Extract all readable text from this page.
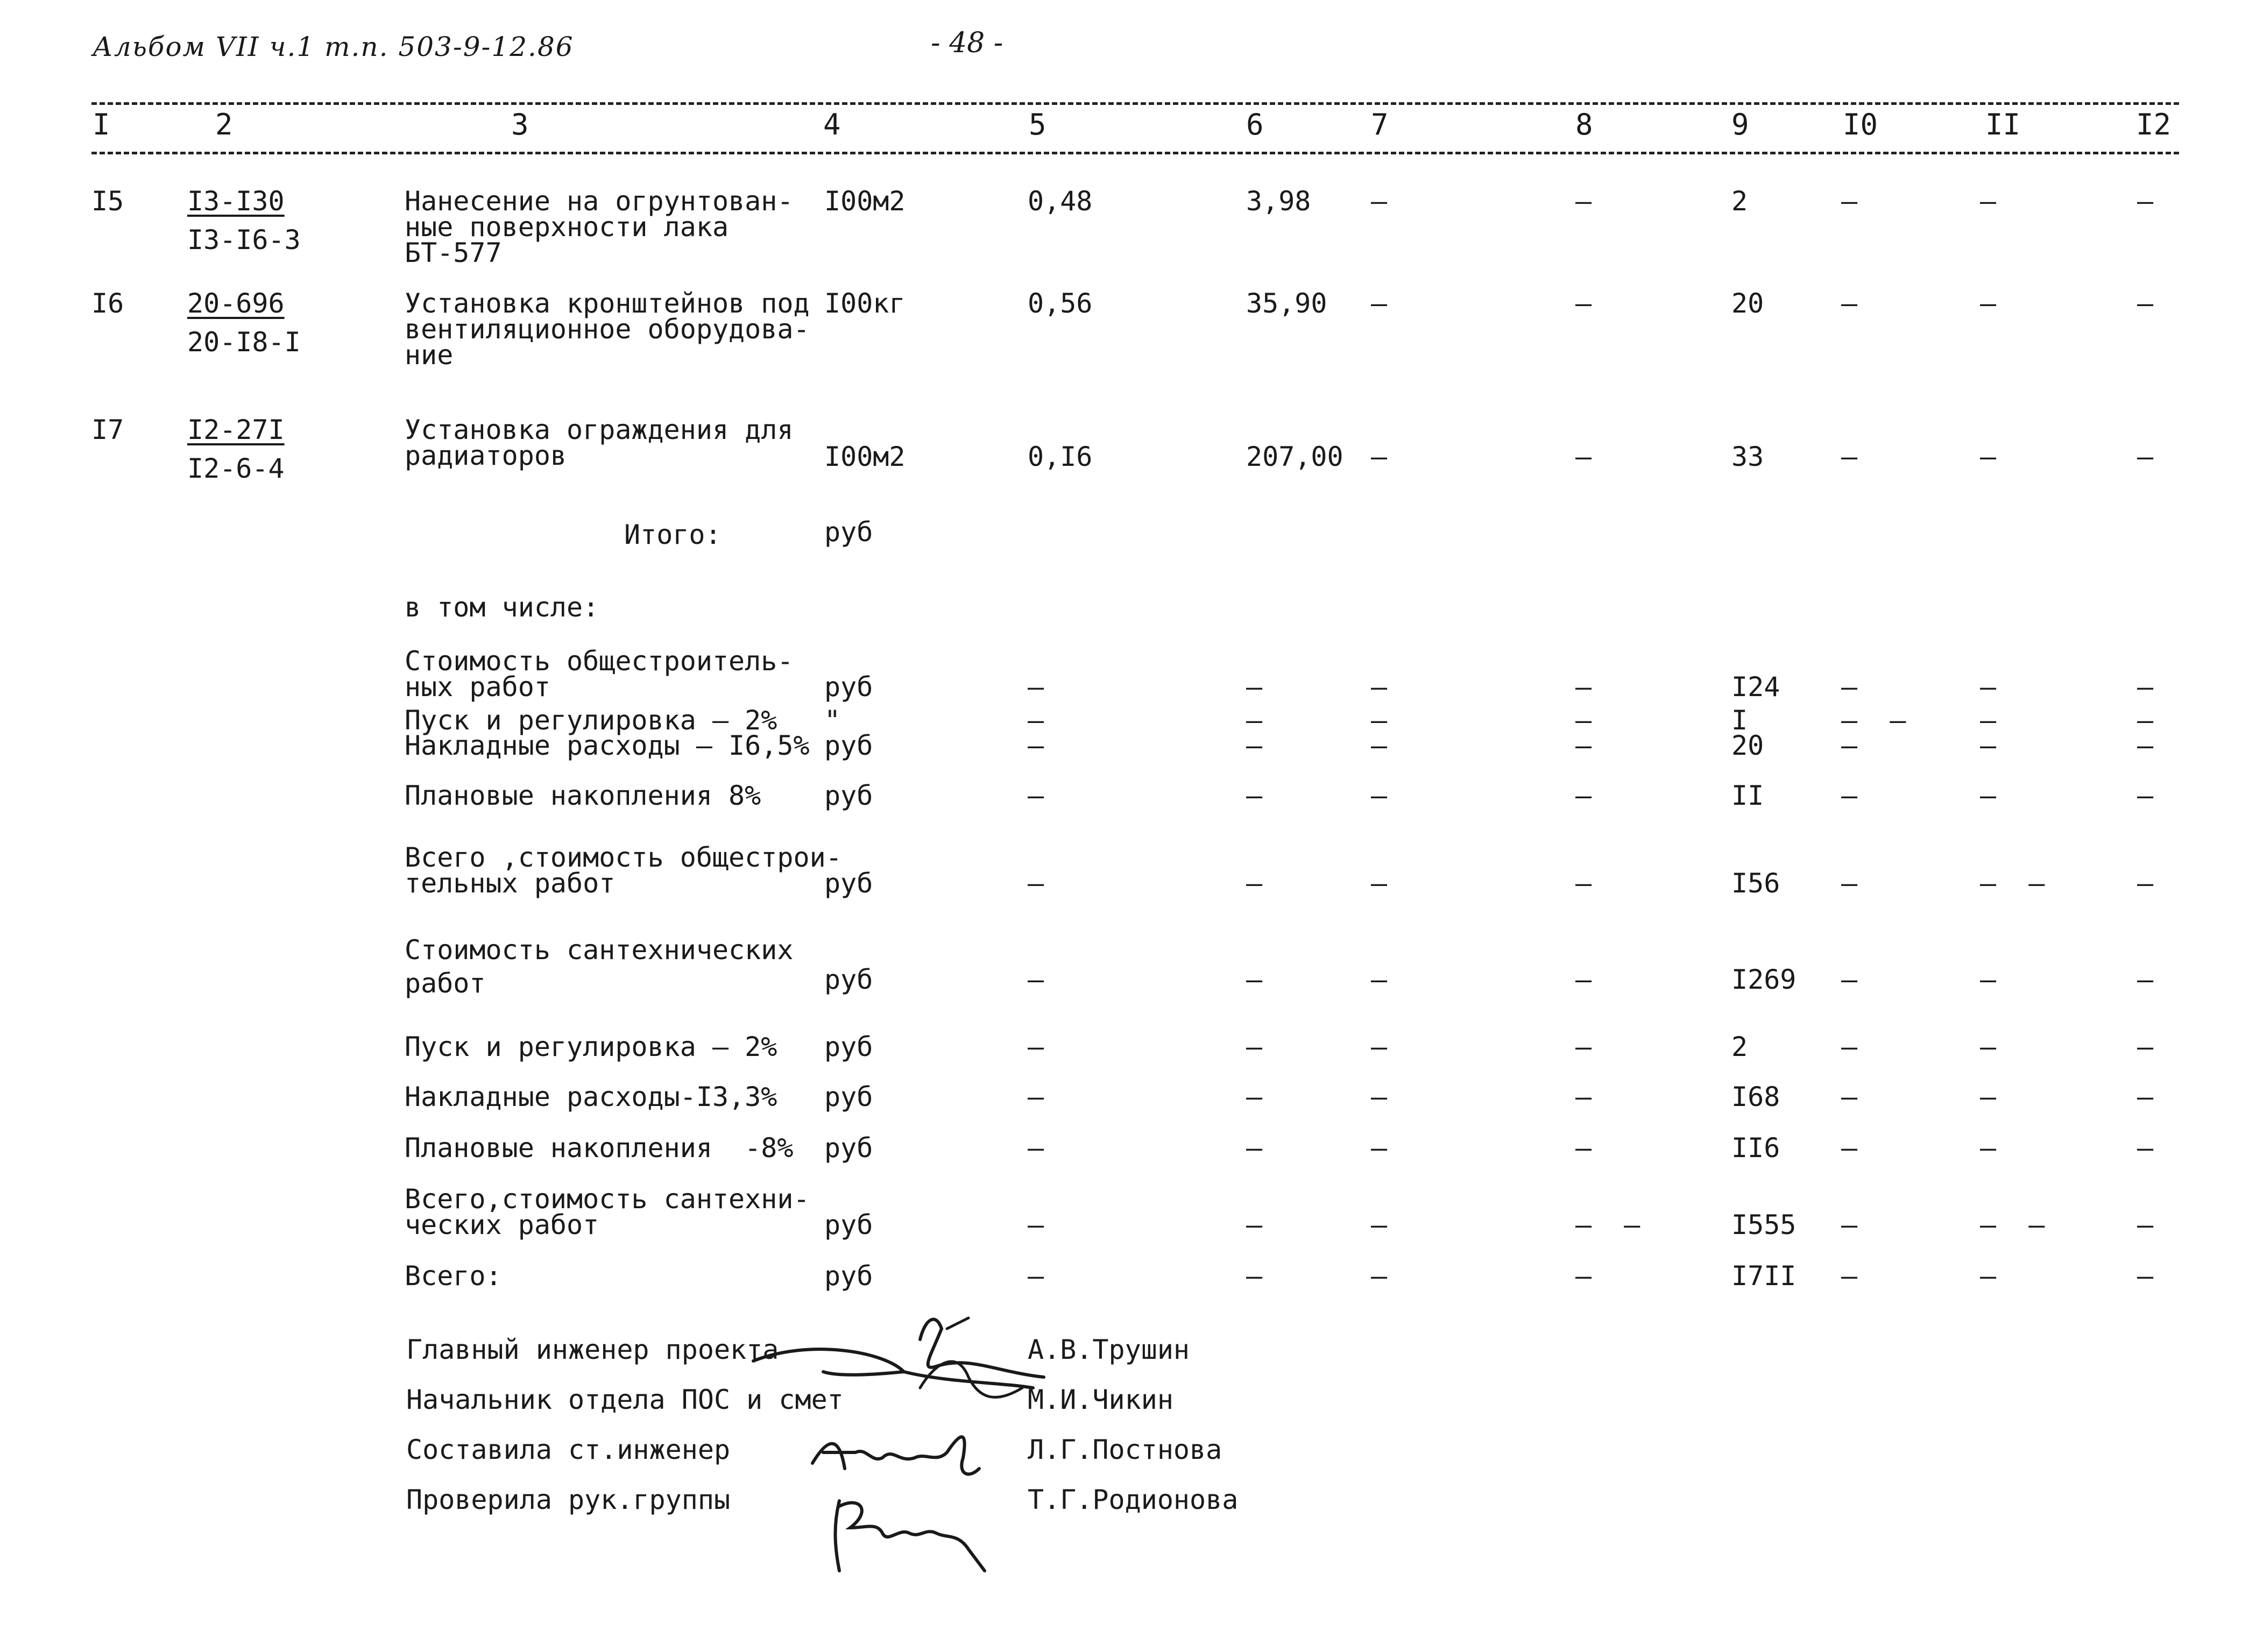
Альбом VII ч.1 т.п. 503-9-12.86	- 48 -
I	2	3	4	5	6	7	8	9	I0	II	I2
I5 I3-I30
I3-I6-3
Нанесение на огрунтован-
ные поверхности лака
БТ-577
I00м2	0,48	3,98 –	–	2	–	–	–
I6 20-696
20-I8-I
Установка кронштейнов под
вентиляционное оборудова-
ние
I00кг	0,56	35,90 –	–	20	–	–	–
I7 I2-27I
I2-6-4
Установка ограждения для
радиаторов	I00м2	0,I6	207,00 –	–	33	–	–	–
Итого:	руб
в том числе:
Стоимость общестроитель-
ных работ	руб	–	–	–	–	I24 –	–	–
Пуск и регулировка – 2%	"	–	–	–	–	I	–  –	–	–
Накладные расходы – I6,5% руб	–	–	–	–	20	–	–	–
Плановые накопления 8%	руб	–	–	–	–	II	–	–	–
Всего ,стоимость общестрои-
тельных работ	руб	–	–	–	–	I56 –	–  –	–
Стоимость сантехнических
работ	руб	–	–	–	–	I269 –	–	–
Пуск и регулировка – 2%	руб	–	–	–	–	2	–	–	–
Накладные расходы-I3,3%	руб	–	–	–	–	I68 –	–	–
Плановые накопления  -8%	руб	–	–	–	–	II6 –	–	–
Всего,стоимость сантехни-
ческих работ	руб	–	–	–	–  –	I555 –	–  –	–
Всего:	руб	–	–	–	–	I7II –	–	–
Главный инженер проекта	А.В.Трушин
Начальник отдела ПОС и смет	М.И.Чикин
Составила ст.инженер	Л.Г.Постнова
Проверила рук.группы	Т.Г.Родионова
